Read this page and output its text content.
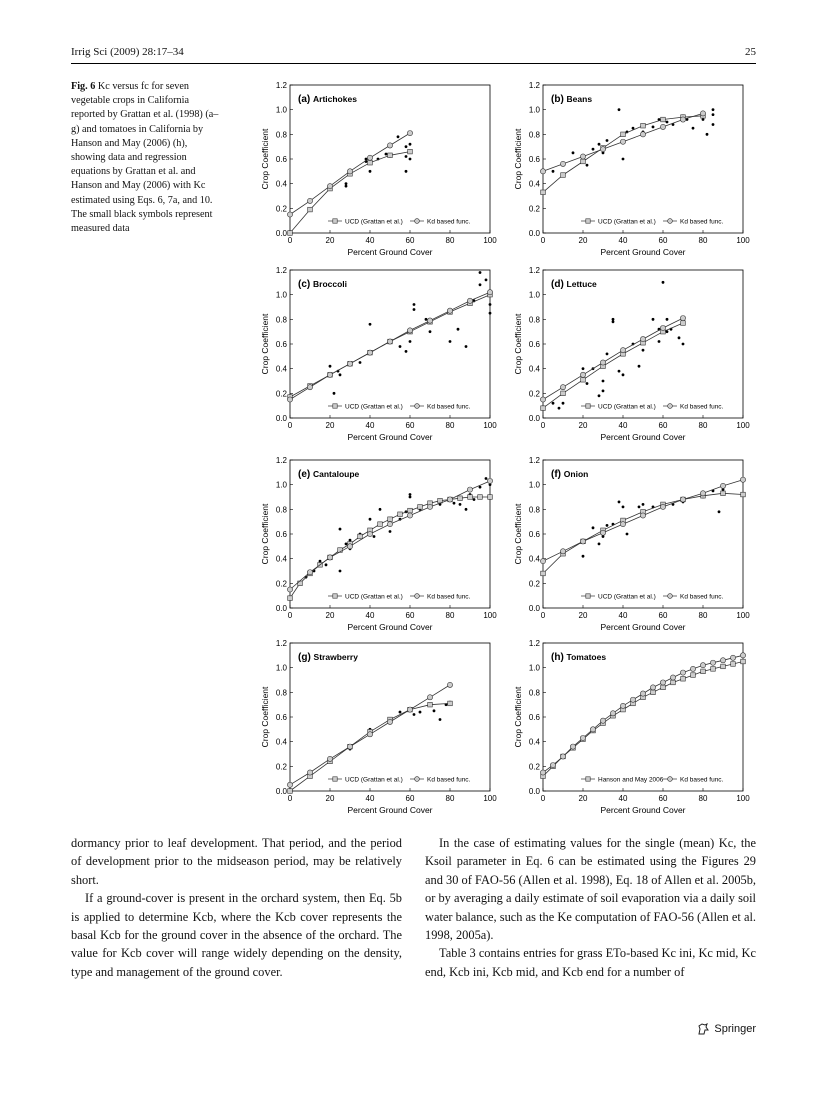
Irrig Sci (2009) 28:17–34	25
Fig. 6 Kc versus fc for seven vegetable crops in California reported by Grattan et al. (1998) (a–g) and tomatoes in California by Hanson and May (2006) (h), showing data and regression equations by Grattan et al. and Hanson and May (2006) with Kc estimated using Eqs. 6, 7a, and 10. The small black symbols represent measured data	0.0
0.2
0.4
0.6
0.8
1.0
1.2
0	20	40	60	80	100
Percent Ground Cover
Crop Coefficient
(a) Artichokes
UCD (Grattan et al.)	Kd based func.
0.0
0.2
0.4
0.6
0.8
1.0
1.2
0	20	40	60	80	100
Percent Ground Cover
Crop Coefficient
(b) Beans
UCD (Grattan et al.)	Kd based func.
0.0
0.2
0.4
0.6
0.8
1.0
1.2
0	20	40	60	80	100
Percent Ground Cover
Crop Coefficient
(c) Broccoli
UCD (Grattan et al.)	Kd based func.
0.0
0.2
0.4
0.6
0.8
1.0
1.2
0	20	40	60	80	100
Percent Ground Cover
Crop Coefficient
(d) Lettuce
UCD (Grattan et al.)	Kd based func.
0.0
0.2
0.4
0.6
0.8
1.0
1.2
0	20	40	60	80	100
Percent Ground Cover
Crop Coefficient
(e) Cantaloupe
UCD (Grattan et al.)	Kd based func.
0.0
0.2
0.4
0.6
0.8
1.0
1.2
0	20	40	60	80	100
Percent Ground Cover
Crop Coefficient
(f) Onion
UCD (Grattan et al.)	Kd based func.
0.0
0.2
0.4
0.6
0.8
1.0
1.2
0	20	40	60	80	100
Percent Ground Cover
Crop Coefficient
(g) Strawberry
UCD (Grattan et al.)	Kd based func.
0.0
0.2
0.4
0.6
0.8
1.0
1.2
0	20	40	60	80	100
Percent Ground Cover
Crop Coefficient
(h) Tomatoes
Hanson and May 2006	Kd based func.

dormancy prior to leaf development. That period, and the period of development prior to the midseason period, may be relatively short.

If a ground-cover is present in the orchard system, then Eq. 5b is applied to determine Kcb, where the Kcb cover represents the basal Kcb for the ground cover in the absence of the orchard. The value for Kcb cover will range widely depending on the density, type and management of the ground cover.

In the case of estimating values for the single (mean) Kc, the Ksoil parameter in Eq. 6 can be estimated using the Figures 29 and 30 of FAO-56 (Allen et al. 1998), Eq. 18 of Allen et al. 2005b, or by averaging a daily estimate of soil evaporation via a daily soil water balance, such as the Ke computation of FAO-56 (Allen et al. 1998, 2005a).

Table 3 contains entries for grass ETo-based Kc ini, Kc mid, Kc end, Kcb ini, Kcb mid, and Kcb end for a number of

Springer
